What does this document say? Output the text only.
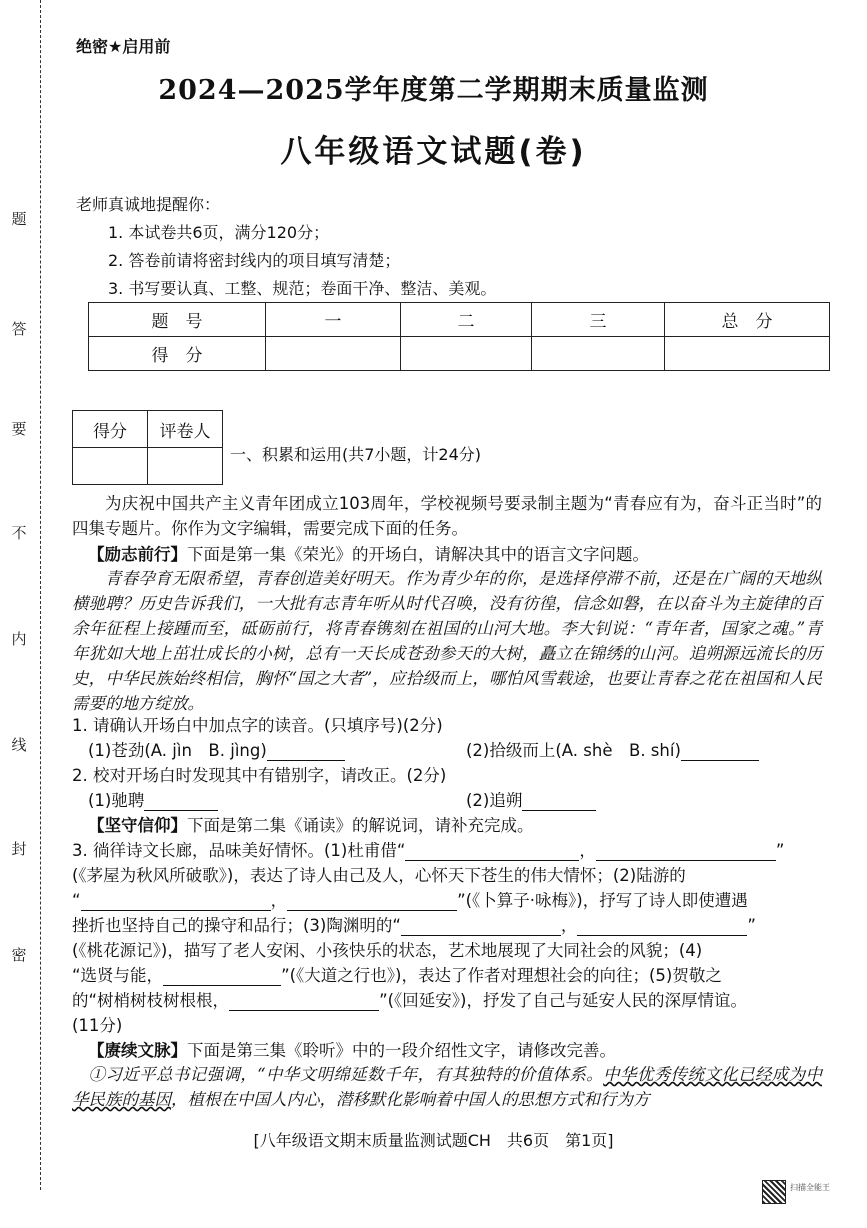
题
答
要
不
内
线
封
密
绝密★启用前
2024—2025学年度第二学期期末质量监测
八年级语文试题(卷)
老师真诚地提醒你：
1. 本试卷共6页，满分120分；
2. 答卷前请将密封线内的项目填写清楚；
3. 书写要认真、工整、规范；卷面干净、整洁、美观。
题　号	一	二	三	总　分
得　分				
得分	评卷人

一、积累和运用(共7小题，计24分)
为庆祝中国共产主义青年团成立103周年，学校视频号要录制主题为“青春应有为，奋斗正当时”的四集专题片。你作为文字编辑，需要完成下面的任务。
【励志前行】下面是第一集《荣光》的开场白，请解决其中的语言文字问题。
青春孕育无限希望，青春创造美好明天。作为青少年的你，是选择停滞不前，还是在广阔的天地纵横驰聘？历史告诉我们，一大批有志青年听从时代召唤，没有彷徨，信念如磐，在以奋斗为主旋律的百余年征程上接踵而至，砥砺前行，将青春镌刻在祖国的山河大地。李大钊说：“青年者，国家之魂。”青年犹如大地上茁壮成长的小树，总有一天长成苍劲参天的大树，矗立在锦绣的山河。追朔源远流长的历史，中华民族始终相信，胸怀“国之大者”，应拾级而上，哪怕风雪载途，也要让青春之花在祖国和人民需要的地方绽放。
1. 请确认开场白中加点字的读音。(只填序号)(2分)
(1)苍劲(A. jìn　B. jìng)	(2)拾级而上(A. shè　B. shí)
2. 校对开场白时发现其中有错别字，请改正。(2分)
(1)驰聘	(2)追朔
【坚守信仰】下面是第二集《诵读》的解说词，请补充完成。
3. 徜徉诗文长廊，品味美好情怀。(1)杜甫借“	，	”
(《茅屋为秋风所破歌》)，表达了诗人由己及人，心怀天下苍生的伟大情怀；(2)陆游的
“	，	”(《卜算子·咏梅》)，抒写了诗人即使遭遇
挫折也坚持自己的操守和品行；(3)陶渊明的“	，	”
(《桃花源记》)，描写了老人安闲、小孩快乐的状态，艺术地展现了大同社会的风貌；(4)
“选贤与能，	”(《大道之行也》)，表达了作者对理想社会的向往；(5)贺敬之
的“树梢树枝树根根，	”(《回延安》)，抒发了自己与延安人民的深厚情谊。
(11分)
【赓续文脉】下面是第三集《聆听》中的一段介绍性文字，请修改完善。
①习近平总书记强调，“中华文明绵延数千年，有其独特的价值体系。中华优秀传统文化已经成为中华民族的基因，植根在中国人内心，潜移默化影响着中国人的思想方式和行为方
[八年级语文期末质量监测试题CH　共6页　第1页]
扫描全能王
